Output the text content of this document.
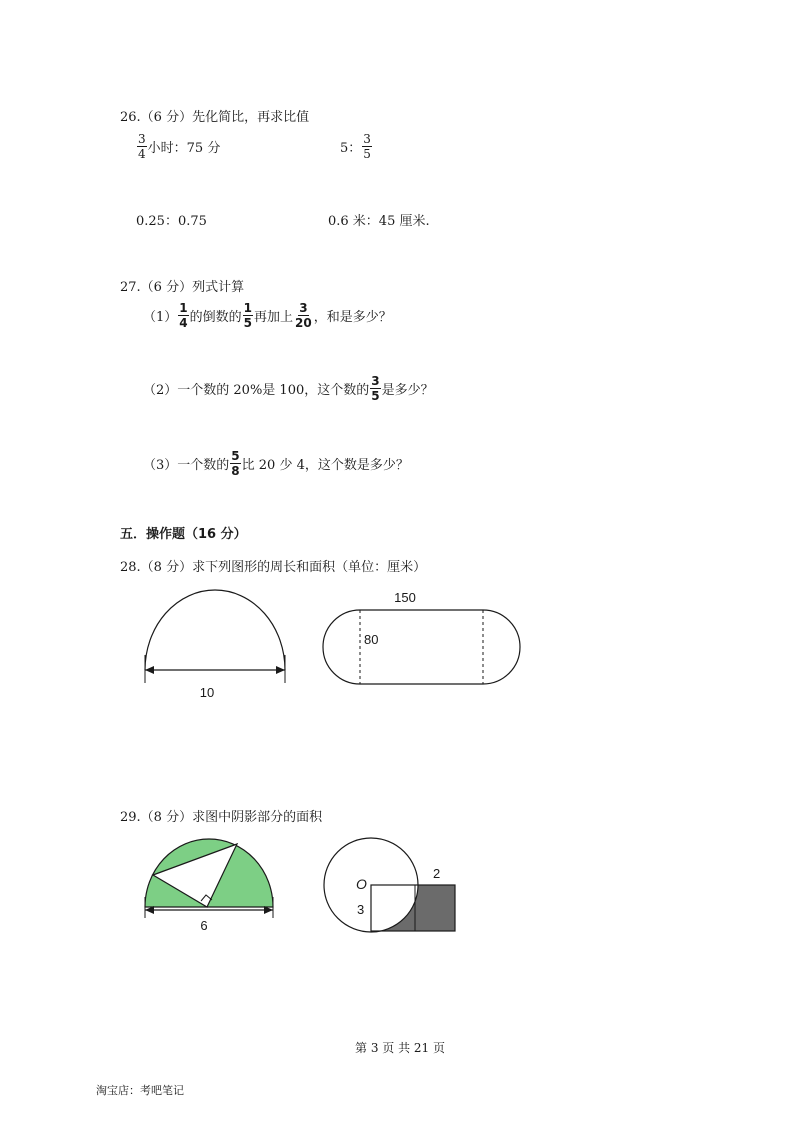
26.（6 分）先化简比，再求比值
$\frac{3}{4}$ 小时：75 分	5： $\frac{3}{5}$
0.25：0.75	0.6 米：45 厘米.
27.（6 分）列式计算
$(1) \frac{1}{4}$ 的倒数的 $\frac{1}{5}$ 再加上 $\frac{3}{20}$ ，和是多少？
（2）一个数的 20%是 100，这个数的 $\frac{3}{5}$ 是多少？
（3）一个数的 $\frac{5}{8}$ 比 20 少 4，这个数是多少？
五．操作题（16 分）
28.（8 分）求下列图形的周长和面积（单位：厘米）
10
150
80
29.（8 分）求图中阴影部分的面积
6
O
3
2
第 3 页 共 21 页
淘宝店：考吧笔记
